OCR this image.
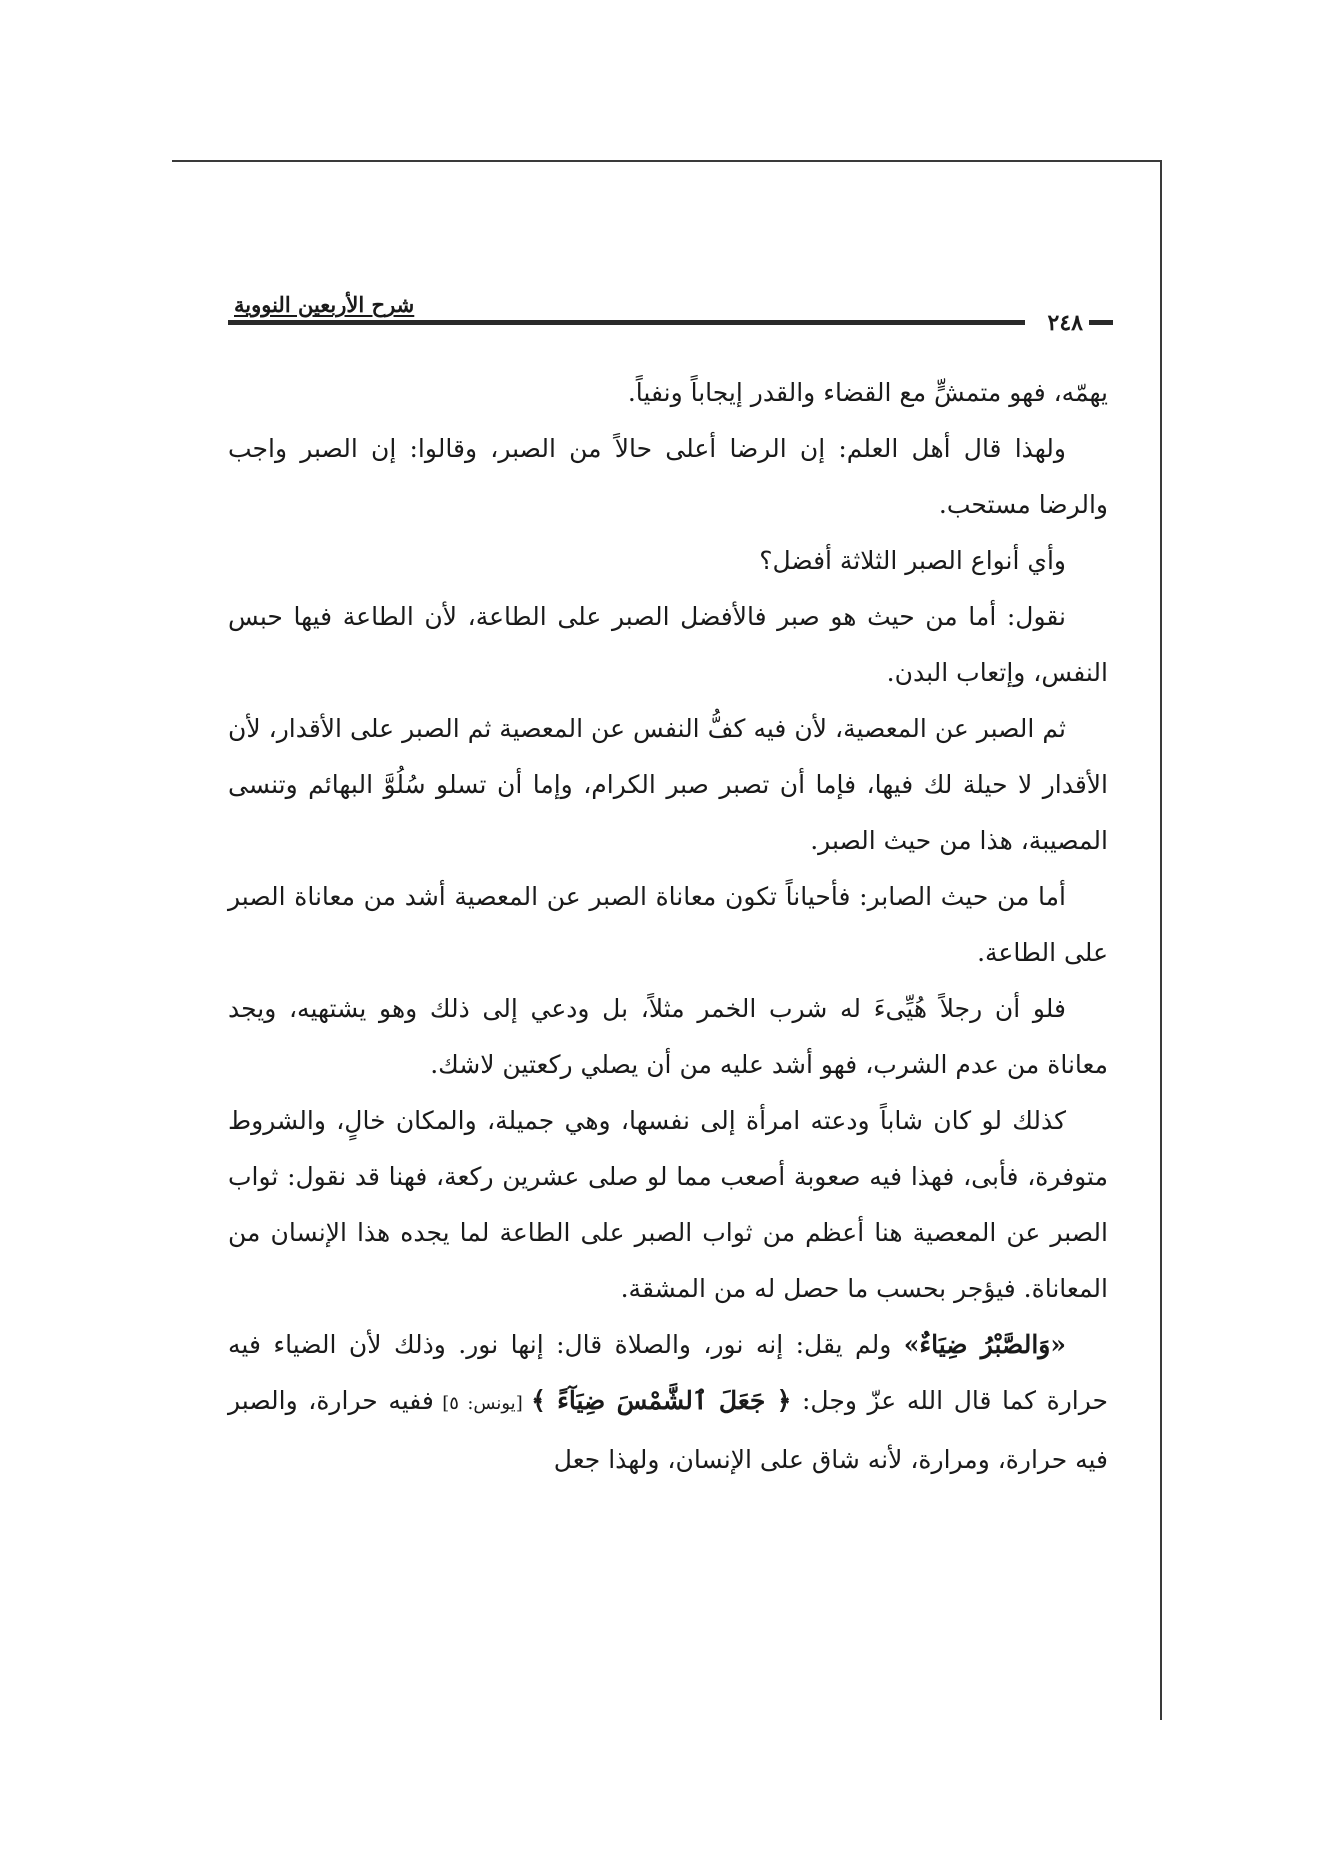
شرح الأربعين النووية
٢٤٨

يهمّه، فهو متمشٍّ مع القضاء والقدر إيجاباً ونفياً.

ولهذا قال أهل العلم: إن الرضا أعلى حالاً من الصبر، وقالوا: إن الصبر واجب والرضا مستحب.

وأي أنواع الصبر الثلاثة أفضل؟

نقول: أما من حيث هو صبر فالأفضل الصبر على الطاعة، لأن الطاعة فيها حبس النفس، وإتعاب البدن.

ثم الصبر عن المعصية، لأن فيه كفُّ النفس عن المعصية ثم الصبر على الأقدار، لأن الأقدار لا حيلة لك فيها، فإما أن تصبر صبر الكرام، وإما أن تسلو سُلُوَّ البهائم وتنسى المصيبة، هذا من حيث الصبر.

أما من حيث الصابر: فأحياناً تكون معاناة الصبر عن المعصية أشد من معاناة الصبر على الطاعة.

فلو أن رجلاً هُيِّىءَ له شرب الخمر مثلاً، بل ودعي إلى ذلك وهو يشتهيه، ويجد معاناة من عدم الشرب، فهو أشد عليه من أن يصلي ركعتين لاشك.

كذلك لو كان شاباً ودعته امرأة إلى نفسها، وهي جميلة، والمكان خالٍ، والشروط متوفرة، فأبى، فهذا فيه صعوبة أصعب مما لو صلى عشرين ركعة، فهنا قد نقول: ثواب الصبر عن المعصية هنا أعظم من ثواب الصبر على الطاعة لما يجده هذا الإنسان من المعاناة. فيؤجر بحسب ما حصل له من المشقة.

«وَالصَّبْرُ ضِيَاءٌ» ولم يقل: إنه نور، والصلاة قال: إنها نور. وذلك لأن الضياء فيه حرارة كما قال الله عزّ وجل: ﴿ جَعَلَ ٱلشَّمْسَ ضِيَآءً ﴾ [يونس: ٥] ففيه حرارة، والصبر فيه حرارة، ومرارة، لأنه شاق على الإنسان، ولهذا جعل
